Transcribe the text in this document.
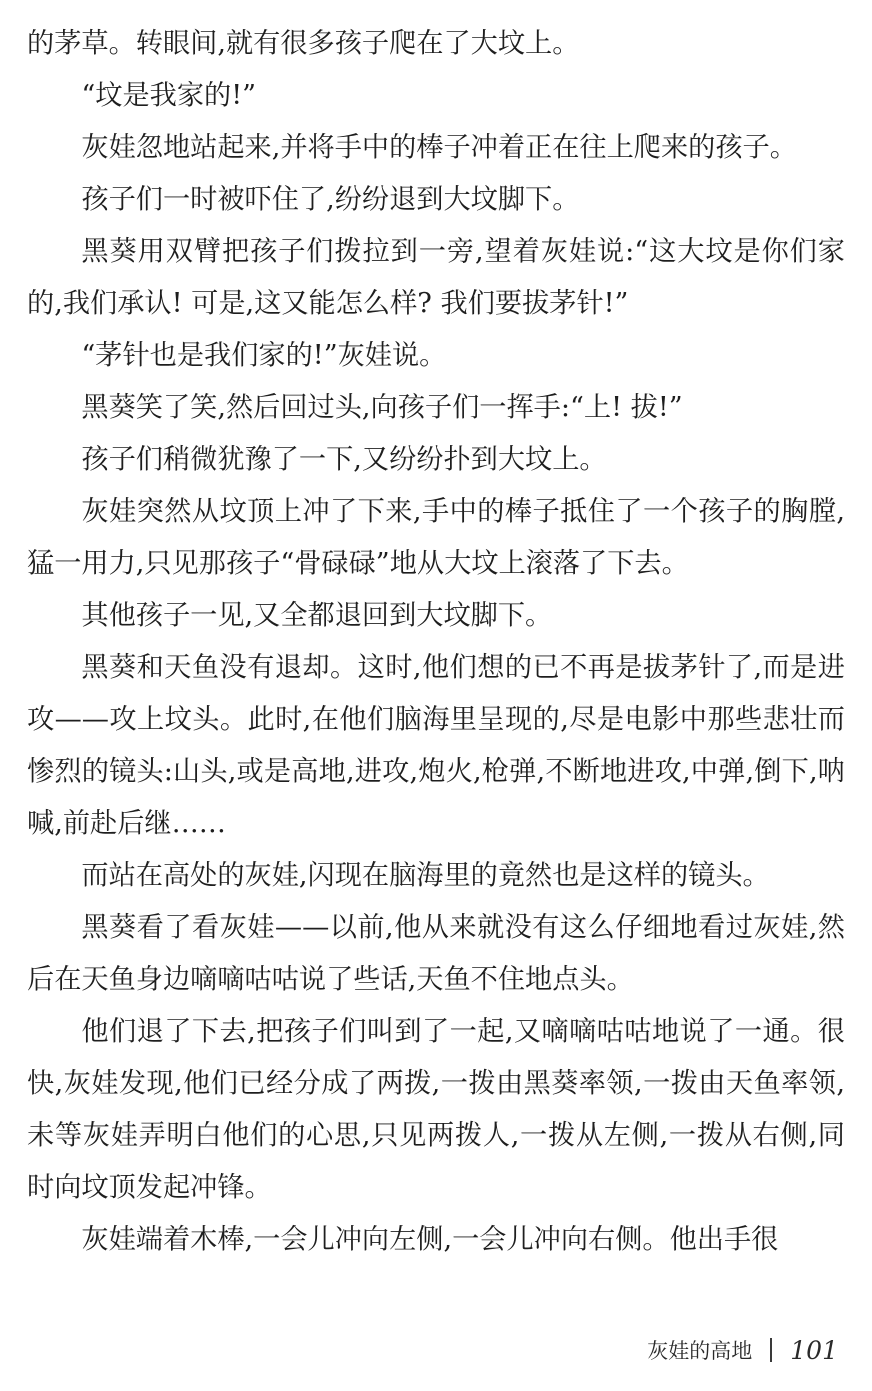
的茅草。转眼间,就有很多孩子爬在了大坟上。

“坟是我家的!”

灰娃忽地站起来,并将手中的棒子冲着正在往上爬来的孩子。

孩子们一时被吓住了,纷纷退到大坟脚下。

黑葵用双臂把孩子们拨拉到一旁,望着灰娃说:“这大坟是你们家的,我们承认! 可是,这又能怎么样? 我们要拔茅针!”

“茅针也是我们家的!”灰娃说。

黑葵笑了笑,然后回过头,向孩子们一挥手:“上! 拔!”

孩子们稍微犹豫了一下,又纷纷扑到大坟上。

灰娃突然从坟顶上冲了下来,手中的棒子抵住了一个孩子的胸膛,猛一用力,只见那孩子“骨碌碌”地从大坟上滚落了下去。

其他孩子一见,又全都退回到大坟脚下。

黑葵和天鱼没有退却。这时,他们想的已不再是拔茅针了,而是进攻——攻上坟头。此时,在他们脑海里呈现的,尽是电影中那些悲壮而惨烈的镜头:山头,或是高地,进攻,炮火,枪弹,不断地进攻,中弹,倒下,呐喊,前赴后继……

而站在高处的灰娃,闪现在脑海里的竟然也是这样的镜头。

黑葵看了看灰娃——以前,他从来就没有这么仔细地看过灰娃,然后在天鱼身边嘀嘀咕咕说了些话,天鱼不住地点头。

他们退了下去,把孩子们叫到了一起,又嘀嘀咕咕地说了一通。很快,灰娃发现,他们已经分成了两拨,一拨由黑葵率领,一拨由天鱼率领,未等灰娃弄明白他们的心思,只见两拨人,一拨从左侧,一拨从右侧,同时向坟顶发起冲锋。

灰娃端着木棒,一会儿冲向左侧,一会儿冲向右侧。他出手很

灰娃的高地 101
